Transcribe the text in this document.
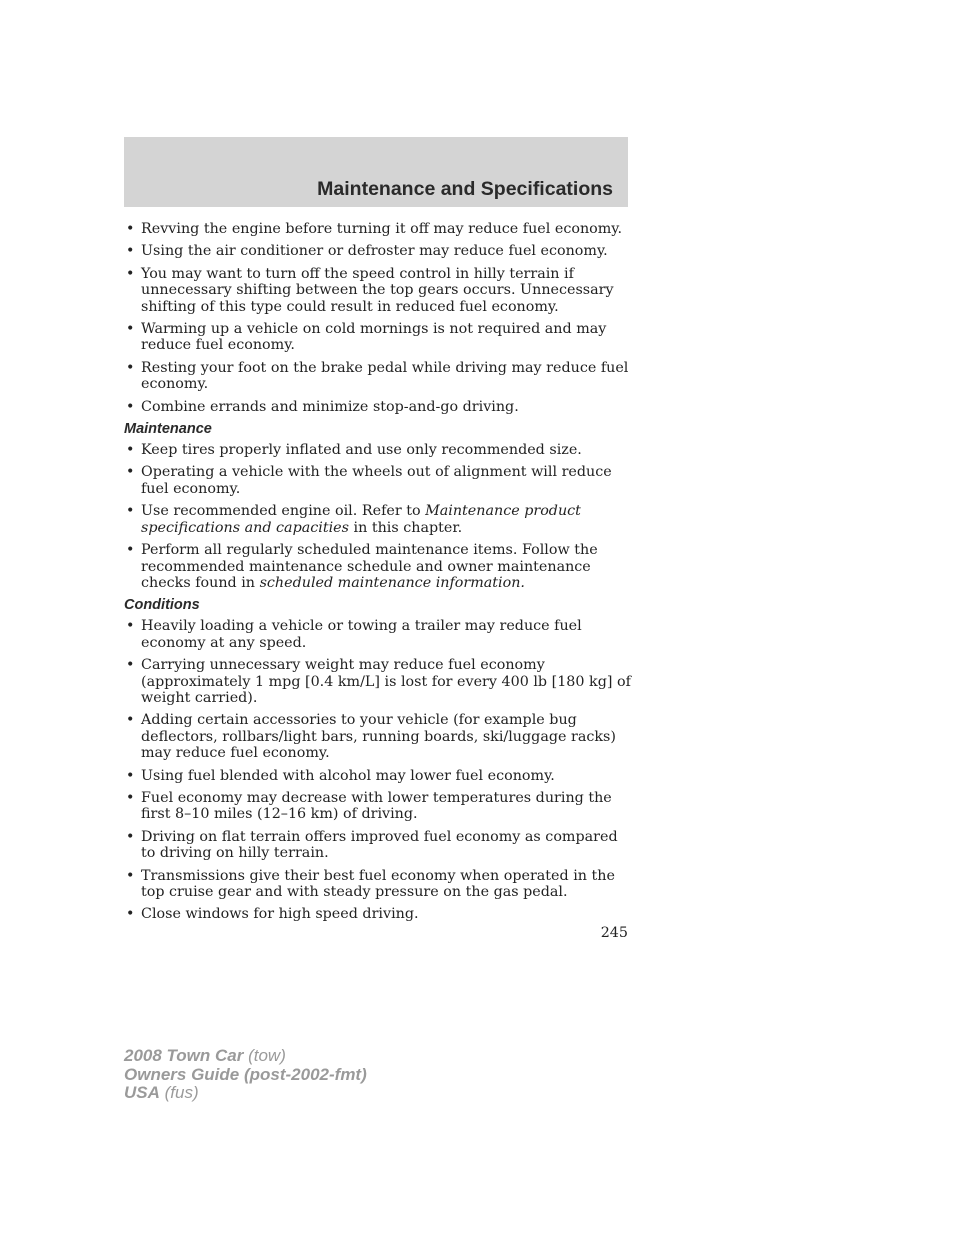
Maintenance and Specifications
• Revving the engine before turning it off may reduce fuel economy.
• Using the air conditioner or defroster may reduce fuel economy.
• You may want to turn off the speed control in hilly terrain if unnecessary shifting between the top gears occurs. Unnecessary shifting of this type could result in reduced fuel economy.
• Warming up a vehicle on cold mornings is not required and may reduce fuel economy.
• Resting your foot on the brake pedal while driving may reduce fuel economy.
• Combine errands and minimize stop-and-go driving.
Maintenance
• Keep tires properly inflated and use only recommended size.
• Operating a vehicle with the wheels out of alignment will reduce fuel economy.
• Use recommended engine oil. Refer to Maintenance product specifications and capacities in this chapter.
• Perform all regularly scheduled maintenance items. Follow the recommended maintenance schedule and owner maintenance checks found in scheduled maintenance information.
Conditions
• Heavily loading a vehicle or towing a trailer may reduce fuel economy at any speed.
• Carrying unnecessary weight may reduce fuel economy (approximately 1 mpg [0.4 km/L] is lost for every 400 lb [180 kg] of weight carried).
• Adding certain accessories to your vehicle (for example bug deflectors, rollbars/light bars, running boards, ski/luggage racks) may reduce fuel economy.
• Using fuel blended with alcohol may lower fuel economy.
• Fuel economy may decrease with lower temperatures during the first 8–10 miles (12–16 km) of driving.
• Driving on flat terrain offers improved fuel economy as compared to driving on hilly terrain.
• Transmissions give their best fuel economy when operated in the top cruise gear and with steady pressure on the gas pedal.
• Close windows for high speed driving.
245
2008 Town Car (tow)
Owners Guide (post-2002-fmt)
USA (fus)
